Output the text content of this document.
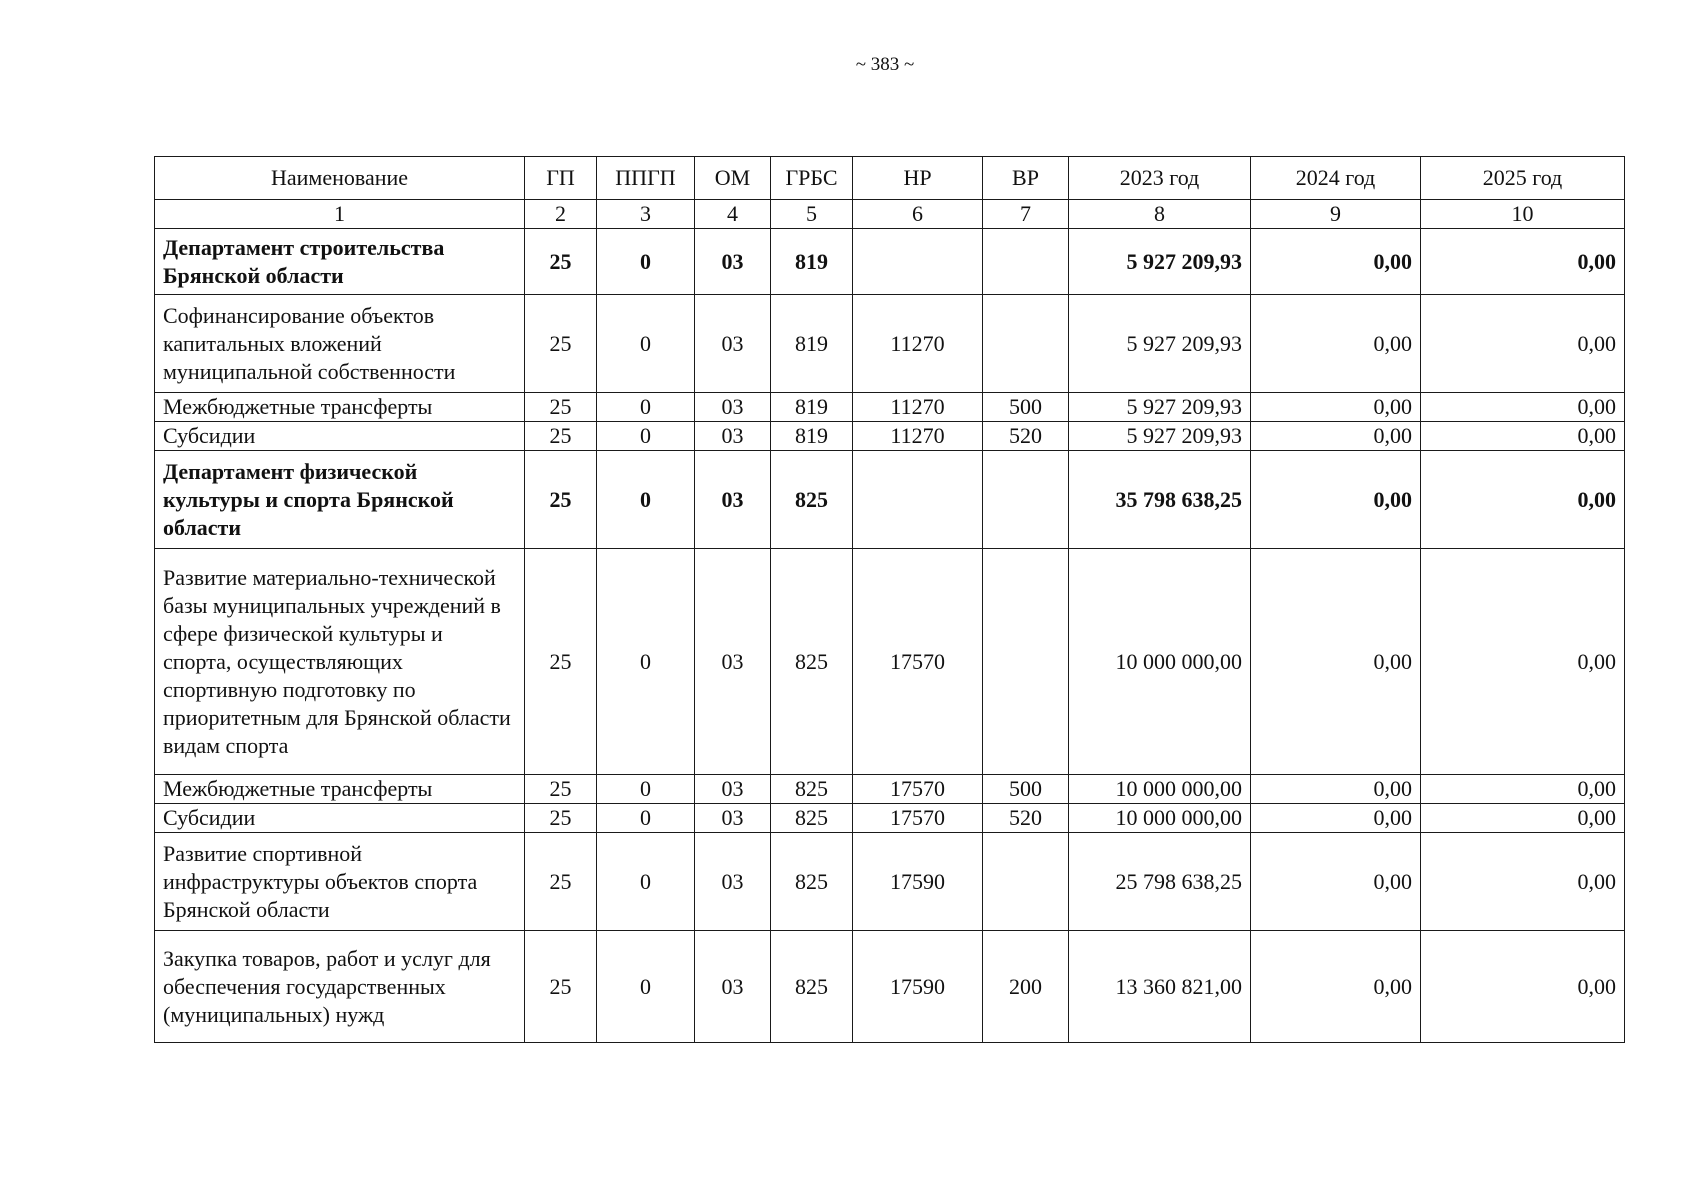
~ 383 ~
Наименование	ГП	ППГП	ОМ	ГРБС	НР	ВР	2023 год	2024 год	2025 год
1	2	3	4	5	6	7	8	9	10
Департамент строительства Брянской области	25	0	03	819			5 927 209,93	0,00	0,00
Софинансирование объектов капитальных вложений муниципальной собственности	25	0	03	819	11270		5 927 209,93	0,00	0,00
Межбюджетные трансферты	25	0	03	819	11270	500	5 927 209,93	0,00	0,00
Субсидии	25	0	03	819	11270	520	5 927 209,93	0,00	0,00
Департамент физической культуры и спорта Брянской области	25	0	03	825			35 798 638,25	0,00	0,00
Развитие материально-технической базы муниципальных учреждений в сфере физической культуры и спорта, осуществляющих спортивную подготовку по приоритетным для Брянской области видам спорта	25	0	03	825	17570		10 000 000,00	0,00	0,00
Межбюджетные трансферты	25	0	03	825	17570	500	10 000 000,00	0,00	0,00
Субсидии	25	0	03	825	17570	520	10 000 000,00	0,00	0,00
Развитие спортивной инфраструктуры объектов спорта Брянской области	25	0	03	825	17590		25 798 638,25	0,00	0,00
Закупка товаров, работ и услуг для обеспечения государственных (муниципальных) нужд	25	0	03	825	17590	200	13 360 821,00	0,00	0,00
